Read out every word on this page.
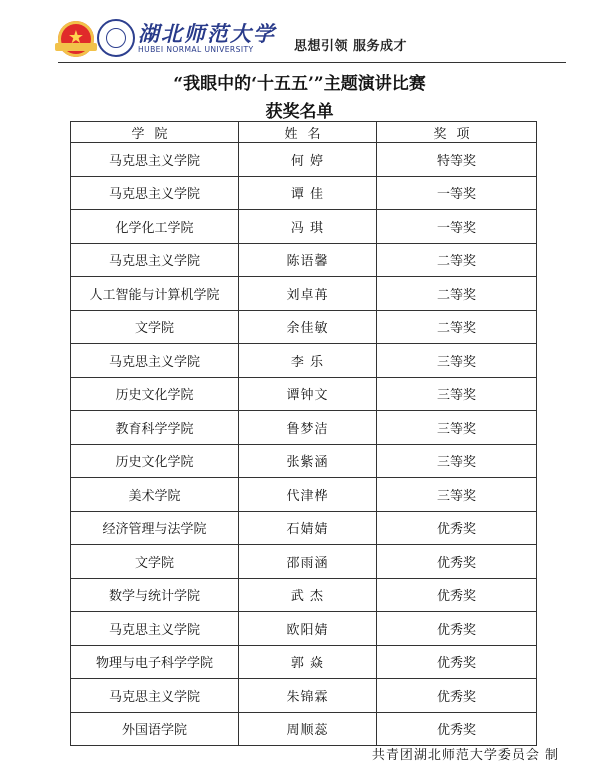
★	湖北师范大学
HUBEI NORMAL UNIVERSITY	思想引领 服务成才
“我眼中的‘十五五’”主题演讲比赛
获奖名单
学院	姓名	奖项
马克思主义学院	何 婷	特等奖
马克思主义学院	谭 佳	一等奖
化学化工学院	冯 琪	一等奖
马克思主义学院	陈语馨	二等奖
人工智能与计算机学院	刘卓苒	二等奖
文学院	余佳敏	二等奖
马克思主义学院	李 乐	三等奖
历史文化学院	谭钟文	三等奖
教育科学学院	鲁梦洁	三等奖
历史文化学院	张紫涵	三等奖
美术学院	代津桦	三等奖
经济管理与法学院	石婧婧	优秀奖
文学院	邵雨涵	优秀奖
数学与统计学院	武 杰	优秀奖
马克思主义学院	欧阳婧	优秀奖
物理与电子科学学院	郭 焱	优秀奖
马克思主义学院	朱锦霖	优秀奖
外国语学院	周顺蕊	优秀奖
共青团湖北师范大学委员会 制
